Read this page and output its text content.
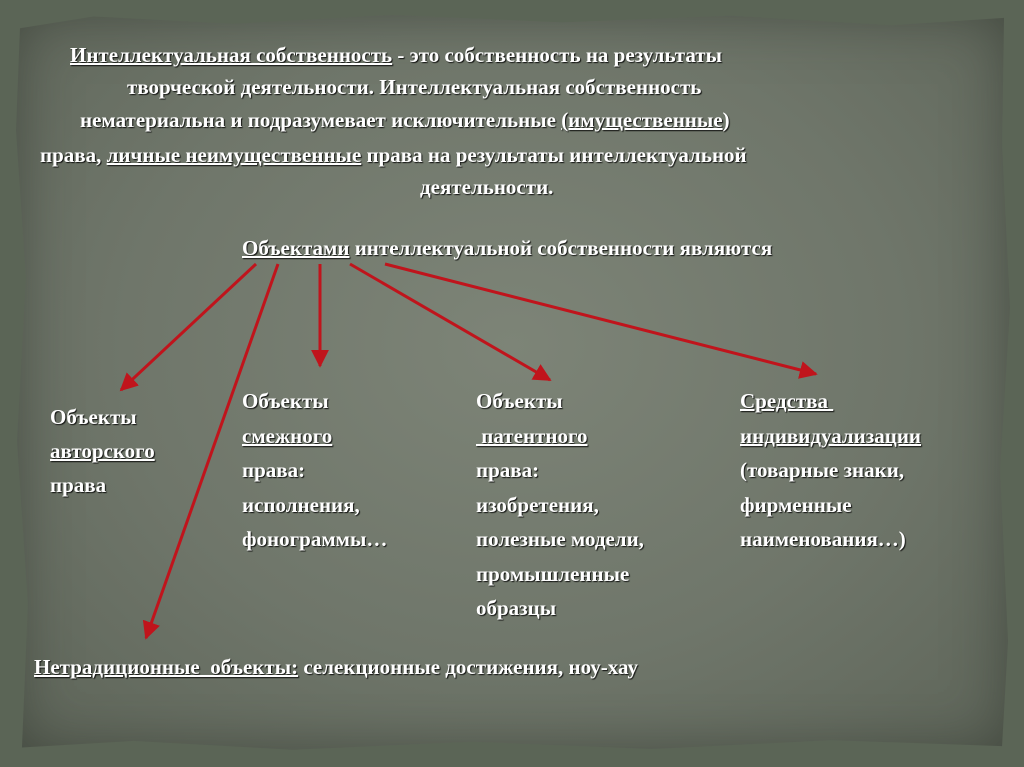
Интеллектуальная собственность - это собственность на результаты

творческой деятельности. Интеллектуальная собственность

нематериальна и подразумевает исключительные (имущественные)

права, личные неимущественные права на результаты интеллектуальной

деятельности.

Объектами интеллектуальной собственности являются

Объекты
авторского
права
Объекты
смежного
права:
исполнения,
фонограммы…
Объекты
патентного
права:
изобретения,
полезные модели,
промышленные
образцы
Средства
индивидуализации
(товарные знаки,
фирменные
наименования…)

Нетрадиционные  объекты: селекционные достижения, ноу-хау
